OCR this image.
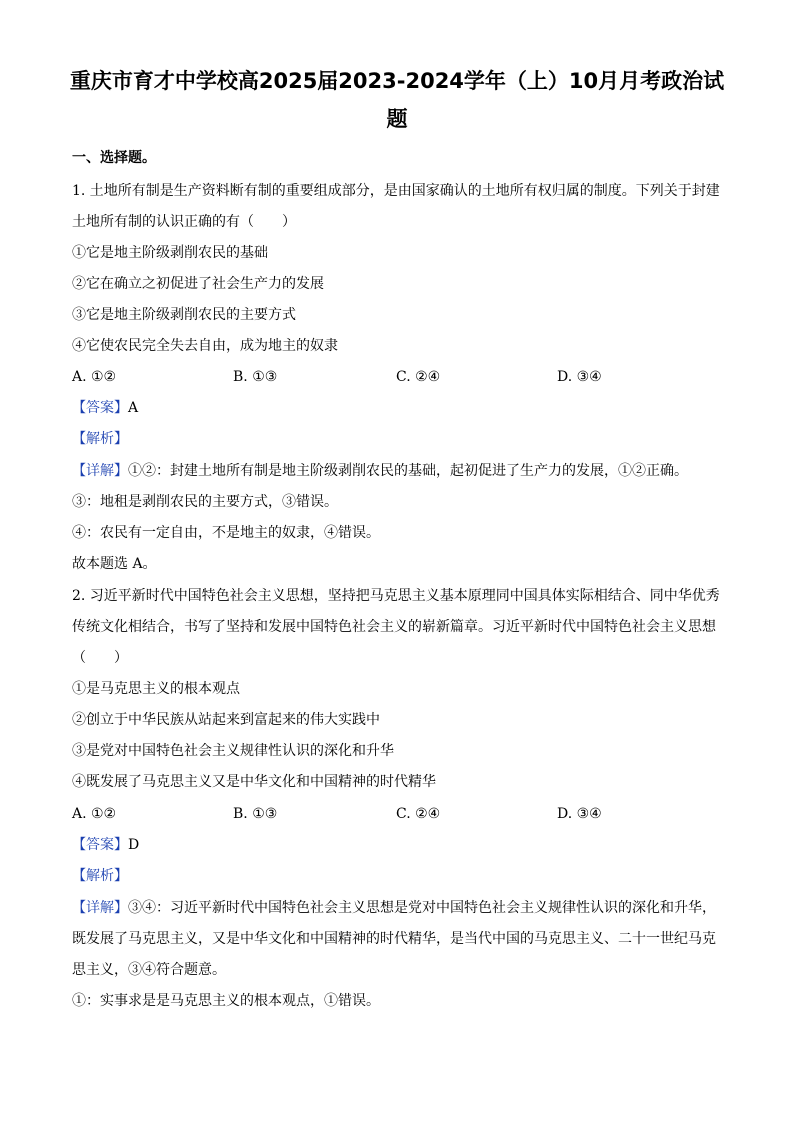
重庆市育才中学校高2025届2023-2024学年（上）10月月考政治试
题
一、选择题。
1. 土地所有制是生产资料断有制的重要组成部分，是由国家确认的土地所有权归属的制度。下列关于封建
土地所有制的认识正确的有（　　）
①它是地主阶级剥削农民的基础
②它在确立之初促进了社会生产力的发展
③它是地主阶级剥削农民的主要方式
④它使农民完全失去自由，成为地主的奴隶
A. ①②	B. ①③	C. ②④	D. ③④
【答案】A
【解析】
【详解】①②：封建土地所有制是地主阶级剥削农民的基础，起初促进了生产力的发展，①②正确。
③：地租是剥削农民的主要方式，③错误。
④：农民有一定自由，不是地主的奴隶，④错误。
故本题选 A。
2. 习近平新时代中国特色社会主义思想，坚持把马克思主义基本原理同中国具体实际相结合、同中华优秀
传统文化相结合，书写了坚持和发展中国特色社会主义的崭新篇章。习近平新时代中国特色社会主义思想
（　　）
①是马克思主义的根本观点
②创立于中华民族从站起来到富起来的伟大实践中
③是党对中国特色社会主义规律性认识的深化和升华
④既发展了马克思主义又是中华文化和中国精神的时代精华
A. ①②	B. ①③	C. ②④	D. ③④
【答案】D
【解析】
【详解】③④：习近平新时代中国特色社会主义思想是党对中国特色社会主义规律性认识的深化和升华，
既发展了马克思主义，又是中华文化和中国精神的时代精华，是当代中国的马克思主义、二十一世纪马克
思主义，③④符合题意。
①：实事求是是马克思主义的根本观点，①错误。
